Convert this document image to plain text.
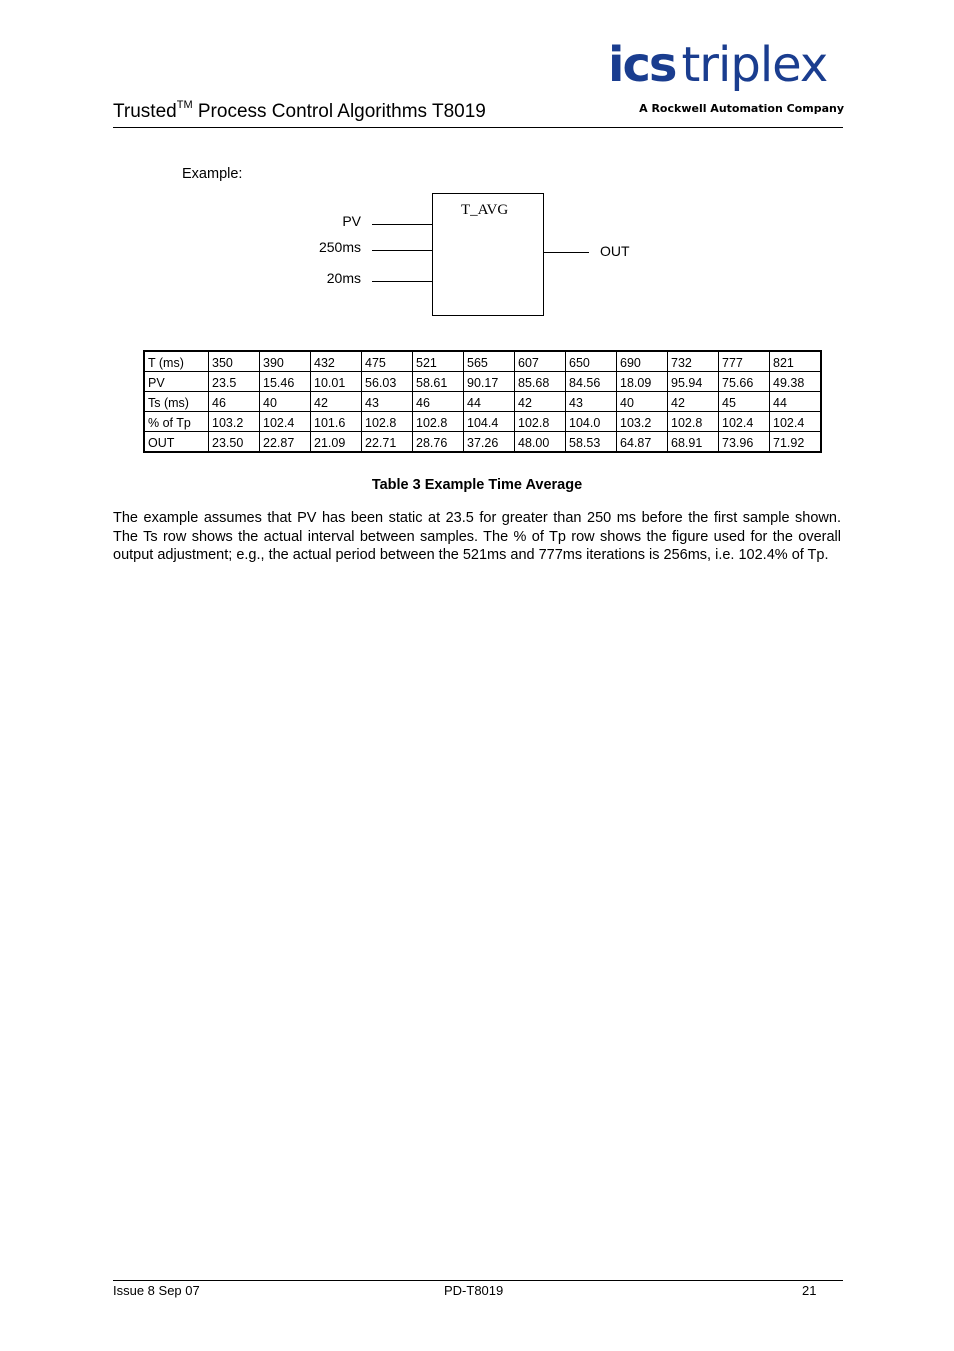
Trusted™ Process Control Algorithms T8019
ics triplex
A Rockwell Automation Company
Example:
T_AVG
PV
250ms
20ms
OUT
T (ms)	350	390	432	475	521	565	607	650	690	732	777	821
PV	23.5	15.46	10.01	56.03	58.61	90.17	85.68	84.56	18.09	95.94	75.66	49.38
Ts (ms)	46	40	42	43	46	44	42	43	40	42	45	44
% of Tp	103.2	102.4	101.6	102.8	102.8	104.4	102.8	104.0	103.2	102.8	102.4	102.4
OUT	23.50	22.87	21.09	22.71	28.76	37.26	48.00	58.53	64.87	68.91	73.96	71.92
Table 3 Example Time Average
The example assumes that PV has been static at 23.5 for greater than 250 ms before the first sample shown. The Ts row shows the actual interval between samples. The % of Tp row shows the figure used for the overall output adjustment; e.g., the actual period between the 521ms and 777ms iterations is 256ms, i.e. 102.4% of Tp.
Issue 8 Sep 07	PD-T8019	21
